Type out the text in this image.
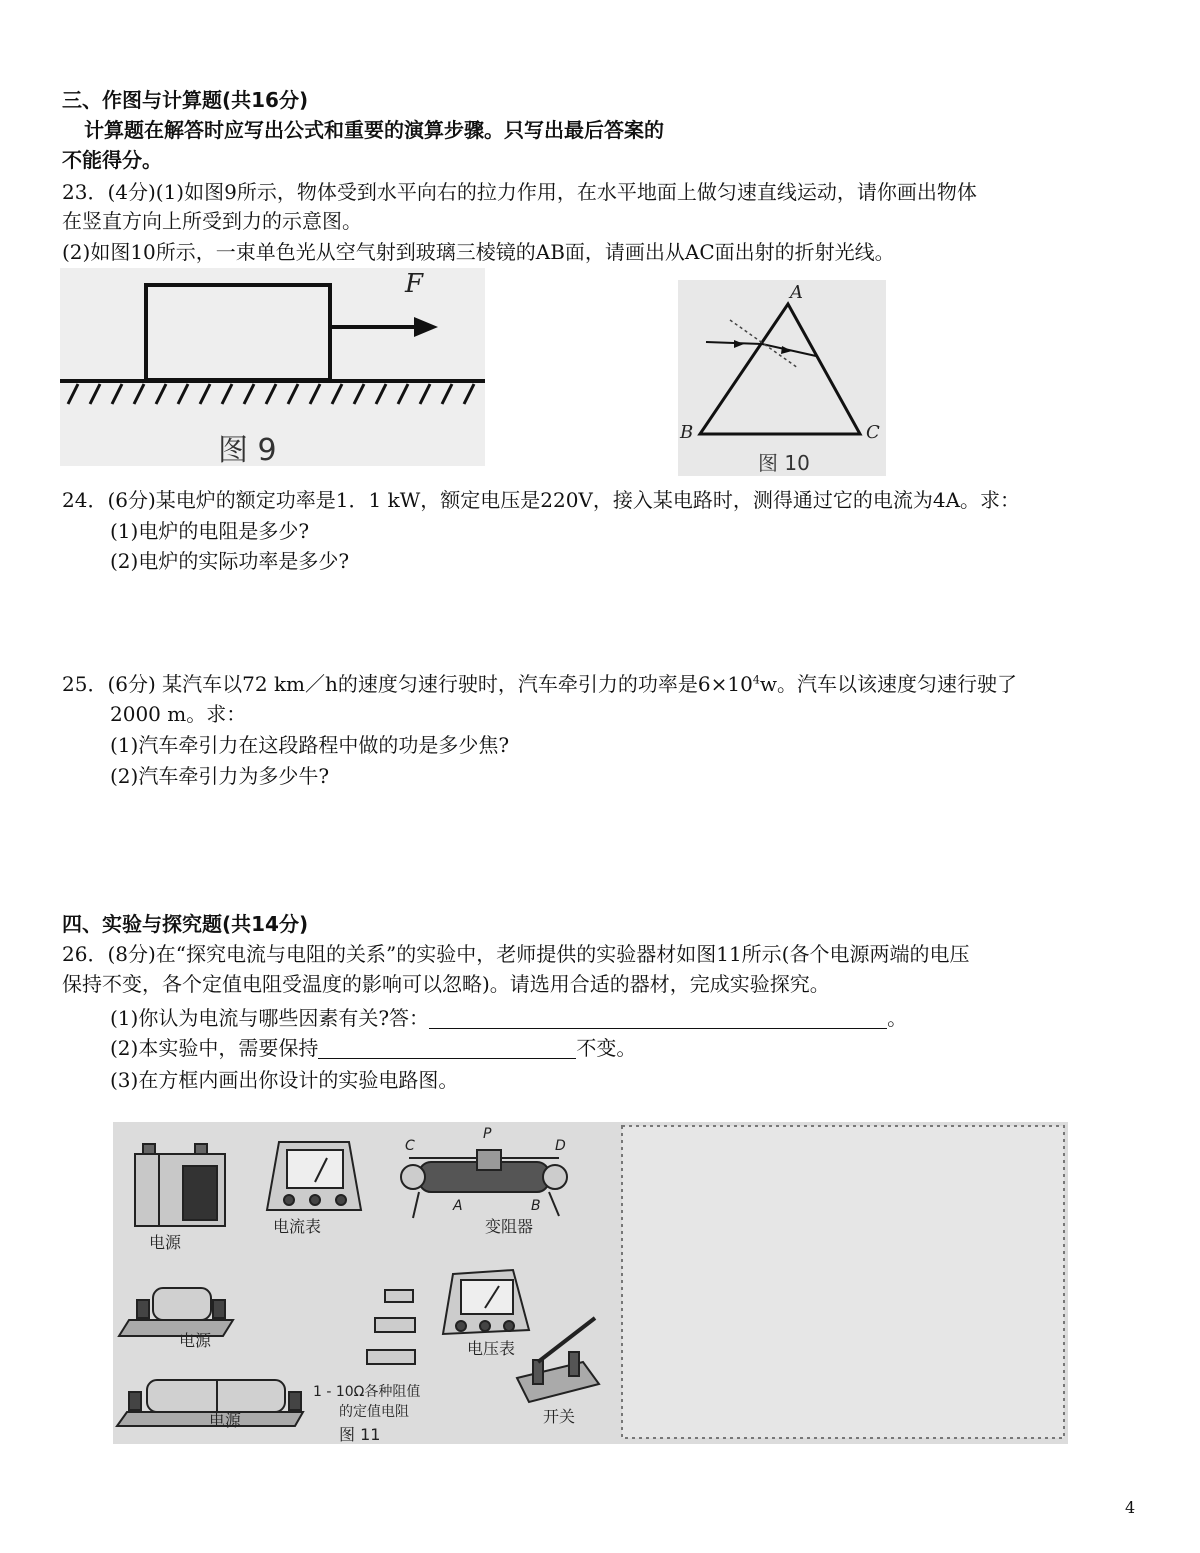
三、作图与计算题(共16分)
计算题在解答时应写出公式和重要的演算步骤。只写出最后答案的
不能得分。
23．(4分)(1)如图9所示，物体受到水平向右的拉力作用，在水平地面上做匀速直线运动，请你画出物体
在竖直方向上所受到力的示意图。
(2)如图10所示，一束单色光从空气射到玻璃三棱镜的AB面，请画出从AC面出射的折射光线。
F
图 9
A
B	C
图 10
24．(6分)某电炉的额定功率是1．1 kW，额定电压是220V，接入某电路时，测得通过它的电流为4A。求：
(1)电炉的电阻是多少?
(2)电炉的实际功率是多少?
25．(6分) 某汽车以72 km／h的速度匀速行驶时，汽车牵引力的功率是$6\times 10^4w$。汽车以该速度匀速行驶了
2000 m。求：
(1)汽车牵引力在这段路程中做的功是多少焦?
(2)汽车牵引力为多少牛?
四、实验与探究题(共14分)
26．(8分)在“探究电流与电阻的关系”的实验中，老师提供的实验器材如图11所示(各个电源两端的电压
保持不变，各个定值电阻受温度的影响可以忽略)。请选用合适的器材，完成实验探究。
(1)你认为电流与哪些因素有关?答：	。
(2)本实验中，需要保持	不变。
(3)在方框内画出你设计的实验电路图。
电源
电源
电源
电流表
C
P
D
A	B
变阻器
1 - 10Ω各种阻值
的定值电阻
电压表
开关
图 11
4
